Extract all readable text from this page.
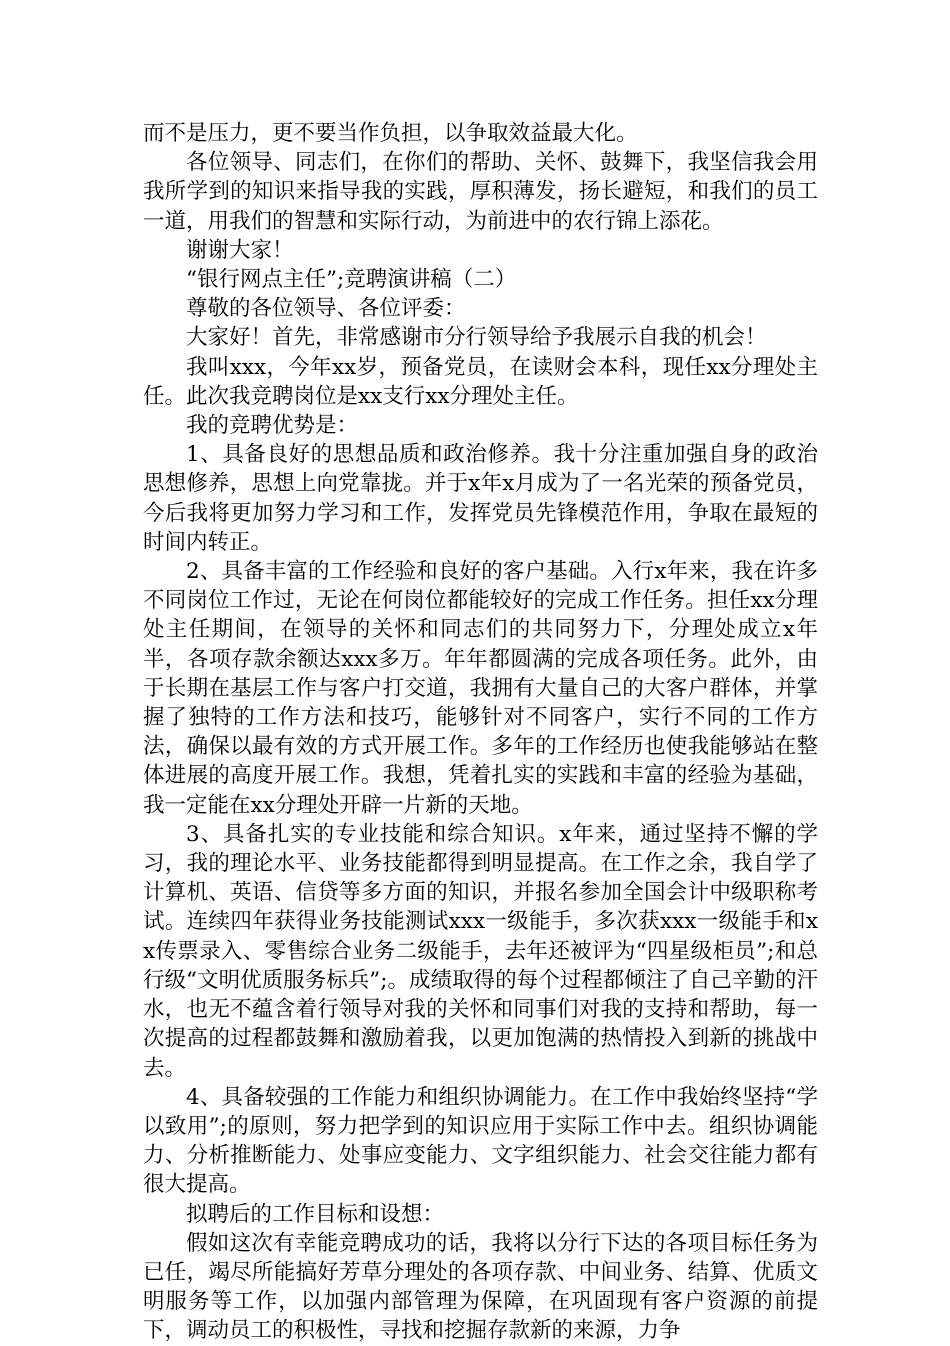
而不是压力，更不要当作负担，以争取效益最大化。

各位领导、同志们，在你们的帮助、关怀、鼓舞下，我坚信我会用我所学到的知识来指导我的实践，厚积薄发，扬长避短，和我们的员工一道，用我们的智慧和实际行动，为前进中的农行锦上添花。

谢谢大家！

“银行网点主任”;竞聘演讲稿（二）

尊敬的各位领导、各位评委：

大家好！首先，非常感谢市分行领导给予我展示自我的机会！

我叫xxx，今年xx岁，预备党员，在读财会本科，现任xx分理处主任。此次我竞聘岗位是xx支行xx分理处主任。

我的竞聘优势是：

1、具备良好的思想品质和政治修养。我十分注重加强自身的政治思想修养，思想上向党靠拢。并于x年x月成为了一名光荣的预备党员，今后我将更加努力学习和工作，发挥党员先锋模范作用，争取在最短的时间内转正。

2、具备丰富的工作经验和良好的客户基础。入行x年来，我在许多不同岗位工作过，无论在何岗位都能较好的完成工作任务。担任xx分理处主任期间，在领导的关怀和同志们的共同努力下，分理处成立x年半，各项存款余额达xxx多万。年年都圆满的完成各项任务。此外，由于长期在基层工作与客户打交道，我拥有大量自己的大客户群体，并掌握了独特的工作方法和技巧，能够针对不同客户，实行不同的工作方法，确保以最有效的方式开展工作。多年的工作经历也使我能够站在整体进展的高度开展工作。我想，凭着扎实的实践和丰富的经验为基础，我一定能在xx分理处开辟一片新的天地。

3、具备扎实的专业技能和综合知识。x年来，通过坚持不懈的学习，我的理论水平、业务技能都得到明显提高。在工作之余，我自学了计算机、英语、信贷等多方面的知识，并报名参加全国会计中级职称考试。连续四年获得业务技能测试xxx一级能手，多次获xxx一级能手和xx传票录入、零售综合业务二级能手，去年还被评为“四星级柜员”;和总行级“文明优质服务标兵”;。成绩取得的每个过程都倾注了自己辛勤的汗水，也无不蕴含着行领导对我的关怀和同事们对我的支持和帮助，每一次提高的过程都鼓舞和激励着我，以更加饱满的热情投入到新的挑战中去。

4、具备较强的工作能力和组织协调能力。在工作中我始终坚持“学以致用”;的原则，努力把学到的知识应用于实际工作中去。组织协调能力、分析推断能力、处事应变能力、文字组织能力、社会交往能力都有很大提高。

拟聘后的工作目标和设想：

假如这次有幸能竞聘成功的话，我将以分行下达的各项目标任务为已任，竭尽所能搞好芳草分理处的各项存款、中间业务、结算、优质文明服务等工作，以加强内部管理为保障，在巩固现有客户资源的前提下，调动员工的积极性，寻找和挖掘存款新的来源，力争
